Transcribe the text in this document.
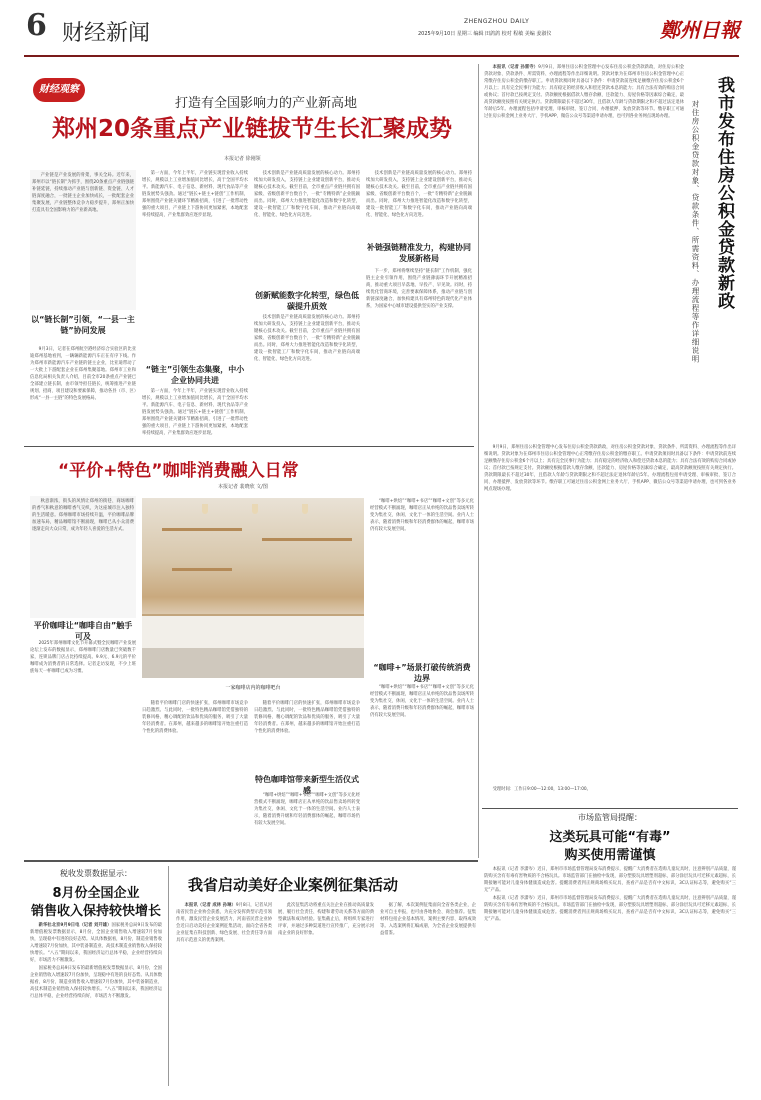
6 财经新闻	ZHENGZHOU DAILY
2025年9月10日 星期三 编辑 田鸽鸽 校对 程敏 美编 姜淑仪	鄭州日報
财经观察
打造有全国影响力的产业新高地
郑州20条重点产业链拔节生长汇聚成势
本报记者 徐刚领

产业链是产业发展的骨架，事关全局。近年来，郑州市以“链长制”为抓手，围绕20条重点产业链强链补链延链，持续推动产业链与创新链、资金链、人才链深度融合，一批链主企业加快成长，一批配套企业集聚发展，产业链整体竞争力稳步提升，郑州正加快打造具有全国影响力的产业新高地。

以“链长制”引领，“一县一主链”协同发展

9月3日，记者在郑州航空港经济综合实验区的比亚迪郑州基地看到，一辆辆新能源汽车正在有序下线。作为郑州市新能源汽车产业链的链主企业，比亚迪带动了一大批上下游配套企业在郑州集聚落地。郑州市工业和信息化局相关负责人介绍，目前全市20条重点产业链已全部建立链长制，由市领导担任链长，统筹推进产业链规划、招商、项目建设和要素保障，推动各县（市、区）形成“一县一主链”的特色发展格局。

第一方面，今年上半年，产业链实现营业收入持续增长，规模以上工业增加值同比增长，高于全国平均水平。新能源汽车、电子信息、新材料、现代食品等产业链发展势头强劲。通过“链长+链主+链创”工作机制，郑州围绕产业链关键环节精准招商，引进了一批带动性强的重大项目，产业链上下游协同更加紧密，本地配套率持续提高，产业集群效应逐步显现。

“链主”引领生态集聚，中小企业协同共进

第一方面，今年上半年，产业链实现营业收入持续增长，规模以上工业增加值同比增长，高于全国平均水平。新能源汽车、电子信息、新材料、现代食品等产业链发展势头强劲。通过“链长+链主+链创”工作机制，郑州围绕产业链关键环节精准招商，引进了一批带动性强的重大项目，产业链上下游协同更加紧密，本地配套率持续提高，产业集群效应逐步显现。

技术创新是产业链高质量发展的核心动力。郑州持续加大研发投入，支持链上企业建设创新平台，推动关键核心技术攻关。截至目前，全市重点产业链共拥有国家级、省级创新平台数百个，一批“专精特新”企业脱颖而出。同时，郑州大力推进智能化改造和数字化转型，建设一批智能工厂和数字化车间，推动产业链向高端化、智能化、绿色化方向迈进。

创新赋能数字化转型，绿色低碳提升质效

技术创新是产业链高质量发展的核心动力。郑州持续加大研发投入，支持链上企业建设创新平台，推动关键核心技术攻关。截至目前，全市重点产业链共拥有国家级、省级创新平台数百个，一批“专精特新”企业脱颖而出。同时，郑州大力推进智能化改造和数字化转型，建设一批智能工厂和数字化车间，推动产业链向高端化、智能化、绿色化方向迈进。

技术创新是产业链高质量发展的核心动力。郑州持续加大研发投入，支持链上企业建设创新平台，推动关键核心技术攻关。截至目前，全市重点产业链共拥有国家级、省级创新平台数百个，一批“专精特新”企业脱颖而出。同时，郑州大力推进智能化改造和数字化转型，建设一批智能工厂和数字化车间，推动产业链向高端化、智能化、绿色化方向迈进。

补链强链精准发力，构建协同发展新格局

下一步，郑州将继续坚持“链长制”工作机制，强化链主企业引领作用，围绕产业链薄弱环节开展精准招商，推动重大项目早落地、早投产、早见效。同时，持续优化营商环境，完善要素保障体系，推动产业链与创新链深度融合，加快构建具有郑州特色的现代化产业体系，为国家中心城市建设提供坚实的产业支撑。

“平价+特色”咖啡消费融入日常
本报记者 裴晓欣 文/图

秋意渐浓，街头的风情让郑州的街巷、商场咖啡的香气和秋意的咖啡香气交织，为这座城市注入独特的生活暖意。郑州咖啡市场持续升温，平价咖啡品牌加速布局，精品咖啡馆不断涌现，咖啡已从小众消费逐渐走向大众日常，成为年轻人喜爱的生活方式。

平价咖啡让“咖啡自由”触手可及

2025年郑州咖啡文化节开幕式暨全民咖啡产业发展论坛上发布的数据显示，郑州咖啡门店数量已突破数千家，连锁品牌门店占比持续提高。9.9元、6.9元的平价咖啡成为消费者的日常选择。记者走访发现，不少上班族每天一杯咖啡已成为习惯。

一家咖啡店内的咖啡吧台

随着平价咖啡门店的快速扩张，郑州咖啡市场竞争日趋激烈。与此同时，一批特色精品咖啡馆凭借独特的装修风格、精心调配的饮品和优质的服务，吸引了大量年轻消费者。在郑州，越来越多的咖啡馆开始注重打造个性化的消费体验。

特色咖啡馆带来新型生活仪式感

随着平价咖啡门店的快速扩张，郑州咖啡市场竞争日趋激烈。与此同时，一批特色精品咖啡馆凭借独特的装修风格、精心调配的饮品和优质的服务，吸引了大量年轻消费者。在郑州，越来越多的咖啡馆开始注重打造个性化的消费体验。

“咖啡+烘焙”“咖啡+书店”“咖啡+文创”等多元化经营模式不断涌现，咖啡店正从单纯的饮品售卖场所转变为集社交、休闲、文化于一体的生活空间。业内人士表示，随着消费升级和年轻消费群体的崛起，咖啡市场仍有较大发展空间。

“咖啡+烘焙”“咖啡+书店”“咖啡+文创”等多元化经营模式不断涌现，咖啡店正从单纯的饮品售卖场所转变为集社交、休闲、文化于一体的生活空间。业内人士表示，随着消费升级和年轻消费群体的崛起，咖啡市场仍有较大发展空间。

“咖啡+”场景打破传统消费边界

“咖啡+烘焙”“咖啡+书店”“咖啡+文创”等多元化经营模式不断涌现，咖啡店正从单纯的饮品售卖场所转变为集社交、休闲、文化于一体的生活空间。业内人士表示，随着消费升级和年轻消费群体的崛起，咖啡市场仍有较大发展空间。

本报讯（记者 孙雷寺）9月9日，郑州住房公积金管理中心发布住房公积金贷款新政，对住房公积金贷款对象、贷款条件、所需资料、办理流程等作出详细说明。贷款对象为在郑州市住房公积金管理中心正常缴存住房公积金的缴存职工。申请贷款须同时具备以下条件：申请贷款前连续足额缴存住房公积金6个月以上；具有完全民事行为能力；具有稳定的经济收入和偿还贷款本息的能力；具有合法有效的购房合同或协议；首付款已按规定支付。贷款额度根据借款人缴存余额、还款能力、房屋价格等因素综合确定，最高贷款额度按照有关规定执行。贷款期限最长不超过30年，且借款人年龄与贷款期限之和不超过法定退休年龄后5年。办理流程包括申请受理、审核审批、签订合同、办理抵押、发放贷款等环节。缴存职工可通过住房公积金网上业务大厅、手机APP、微信公众号等渠道申请办理，也可到各业务网点现场办理。	我市发布住房公积金贷款新政
对住房公积金贷款对象、贷款条件、所需资料、办理流程等作详细说明

9月9日，郑州住房公积金管理中心发布住房公积金贷款新政，对住房公积金贷款对象、贷款条件、所需资料、办理流程等作出详细说明。贷款对象为在郑州市住房公积金管理中心正常缴存住房公积金的缴存职工。申请贷款须同时具备以下条件：申请贷款前连续足额缴存住房公积金6个月以上；具有完全民事行为能力；具有稳定的经济收入和偿还贷款本息的能力；具有合法有效的购房合同或协议；首付款已按规定支付。贷款额度根据借款人缴存余额、还款能力、房屋价格等因素综合确定，最高贷款额度按照有关规定执行。贷款期限最长不超过30年，且借款人年龄与贷款期限之和不超过法定退休年龄后5年。办理流程包括申请受理、审核审批、签订合同、办理抵押、发放贷款等环节。缴存职工可通过住房公积金网上业务大厅、手机APP、微信公众号等渠道申请办理，也可到各业务网点现场办理。

受理时间：工作日9:00—12:00，13:00—17:00。

市场监管局提醒：
这类玩具可能“有毒”
购买使用需谨慎

本报讯（记者 李潇岑）近日，郑州市市场监督管理局发布消费提示，提醒广大消费者在选购儿童玩具时，注意辨别产品质量，谨防购买含有有毒有害物质的不合格玩具。市场监管部门在抽检中发现，部分塑胶玩具增塑剂超标，部分涂层玩具可迁移元素超标，长期接触可能对儿童身体健康造成危害。提醒消费者到正规商场购买玩具，查看产品是否有中文标识、3C认证标志等，避免购买“三无”产品。

本报讯（记者 李潇岑）近日，郑州市市场监督管理局发布消费提示，提醒广大消费者在选购儿童玩具时，注意辨别产品质量，谨防购买含有有毒有害物质的不合格玩具。市场监管部门在抽检中发现，部分塑胶玩具增塑剂超标，部分涂层玩具可迁移元素超标，长期接触可能对儿童身体健康造成危害。提醒消费者到正规商场购买玩具，查看产品是否有中文标识、3C认证标志等，避免购买“三无”产品。

税收发票数据显示：
8月份全国企业
销售收入保持较快增长

新华社北京9月9日电（记者 刘开雄）国家税务总局9日发布的最新增值税发票数据显示，8月份，全国企业销售收入增速较7月份加快，呈现稳中有进的良好态势。从具体数据看，8月份，制造业销售收入增速较7月份加快，其中装备制造业、高技术制造业销售收入保持较快增长。“八五”期间以来，我国经济运行总体平稳，企业经营持续向好，市场活力不断激发。

国家税务总局9日发布的最新增值税发票数据显示，8月份，全国企业销售收入增速较7月份加快，呈现稳中有进的良好态势。从具体数据看，8月份，制造业销售收入增速较7月份加快，其中装备制造业、高技术制造业销售收入保持较快增长。“八五”期间以来，我国经济运行总体平稳，企业经营持续向好，市场活力不断激发。

我省启动美好企业案例征集活动

本报讯（记者 成林 孙琳）9月8日，记者从河南省民营企业协会获悉，为充分发挥典型示范引领作用，激发民营企业发展活力，河南省民营企业协会近日启动美好企业案例征集活动，面向全省各类企业征集在科技创新、绿色发展、社会责任等方面具有示范意义的优秀案例。

此次征集活动将重点关注企业在推动高质量发展、履行社会责任、构建和谐劳动关系等方面的典型做法和成功经验。征集截止后，将组织专家进行评审，并通过多种渠道进行宣传推广，充分展示河南企业的良好形象。

据了解，本次案例征集面向全省各类企业，企业可自主申报，也可由各地协会、商会推荐。征集材料包括企业基本情况、案例主要内容、取得成效等。入选案例将汇编成册，为全省企业发展提供有益借鉴。
